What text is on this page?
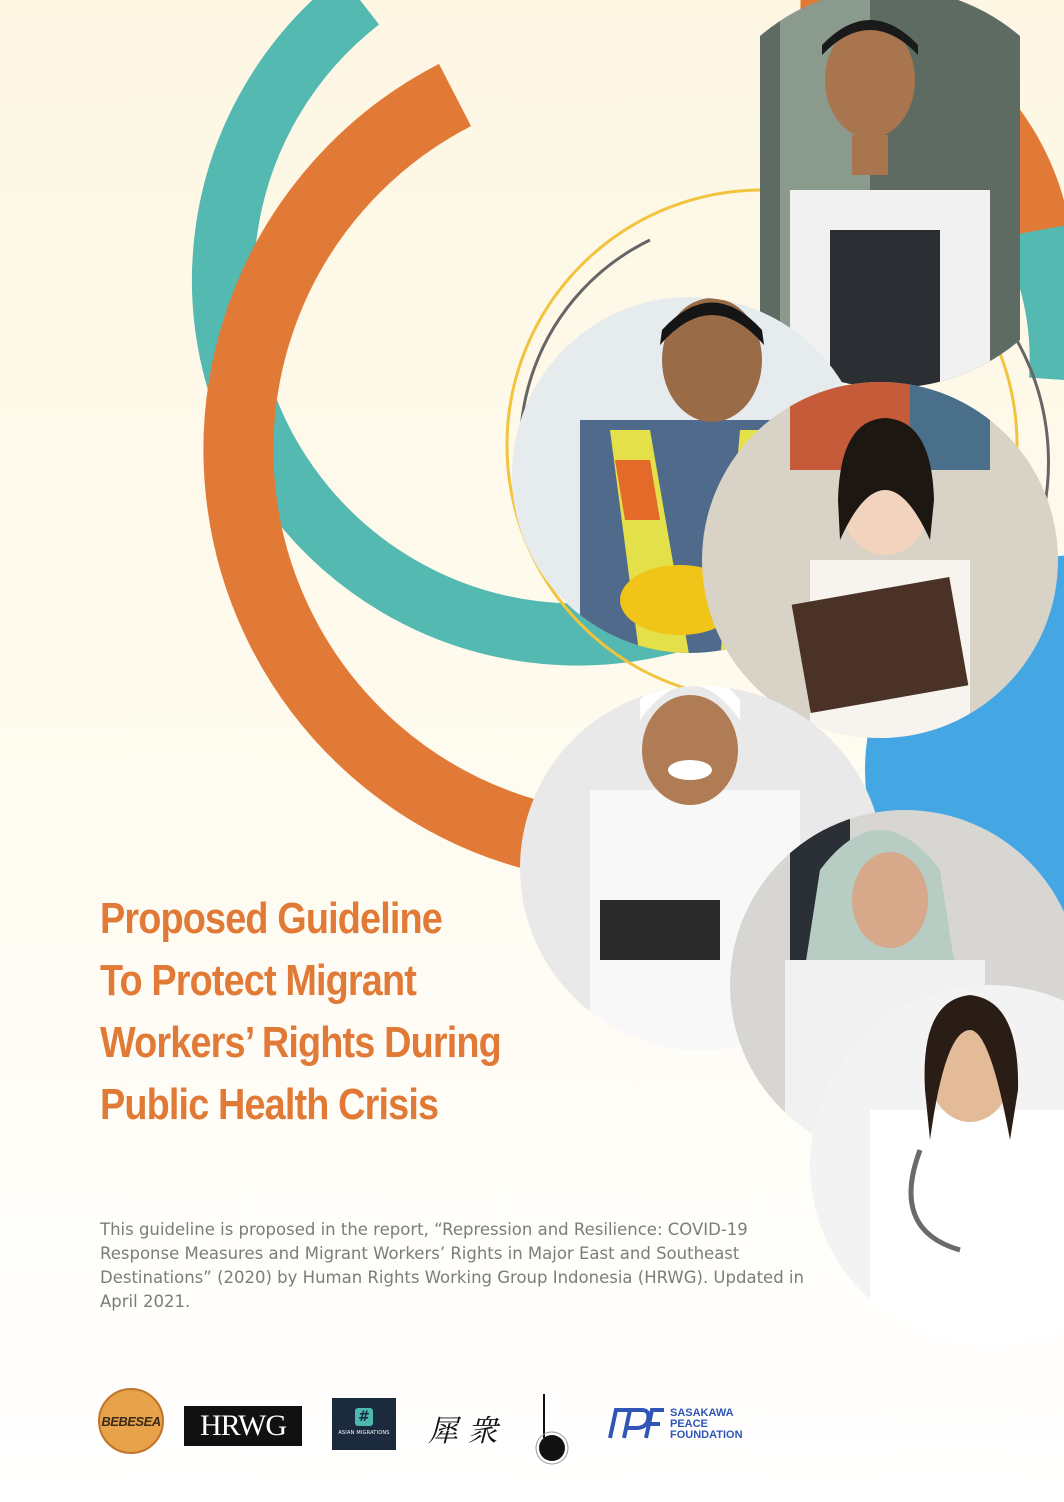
Proposed Guideline
To Protect Migrant
Workers’ Rights During
Public Health Crisis

This guideline is proposed in the report, “Repression and Resilience: COVID-19 Response Measures and Migrant Workers’ Rights in Major East and Southeast Destinations” (2020) by Human Rights Working Group Indonesia (HRWG). Updated in April 2021.

BEBESEA HRWG	#
ASIAN MIGRATIONS 犀 衆
SASAKAWA
PEACE
FOUNDATION
